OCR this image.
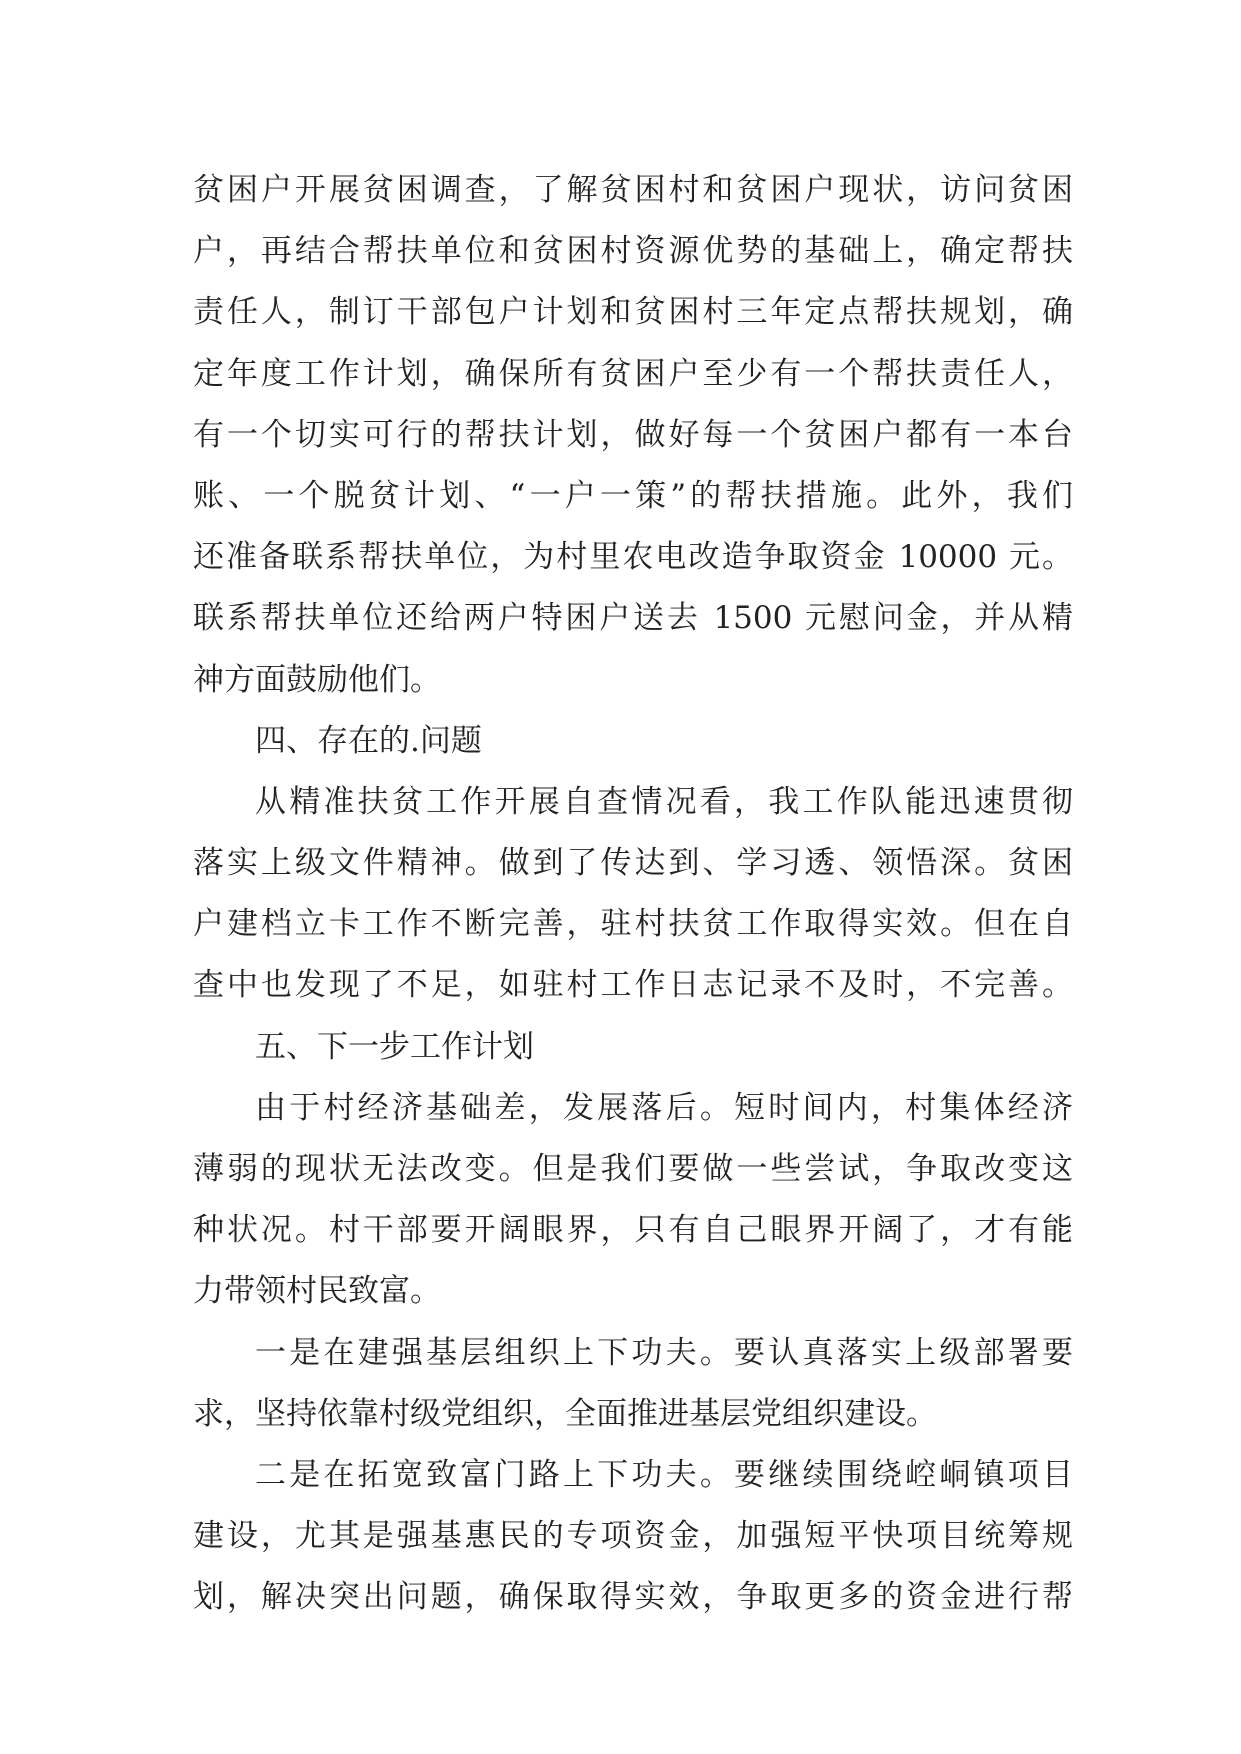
贫困户开展贫困调查，了解贫困村和贫困户现状，访问贫困
户，再结合帮扶单位和贫困村资源优势的基础上，确定帮扶
责任人，制订干部包户计划和贫困村三年定点帮扶规划，确
定年度工作计划，确保所有贫困户至少有一个帮扶责任人，
有一个切实可行的帮扶计划，做好每一个贫困户都有一本台
账、一个脱贫计划、“一户一策”的帮扶措施。此外，我们
还准备联系帮扶单位，为村里农电改造争取资金 10000 元。
联系帮扶单位还给两户特困户送去 1500 元慰问金，并从精
神方面鼓励他们。
四、存在的.问题
从精准扶贫工作开展自查情况看，我工作队能迅速贯彻
落实上级文件精神。做到了传达到、学习透、领悟深。贫困
户建档立卡工作不断完善，驻村扶贫工作取得实效。但在自
查中也发现了不足，如驻村工作日志记录不及时，不完善。
五、下一步工作计划
由于村经济基础差，发展落后。短时间内，村集体经济
薄弱的现状无法改变。但是我们要做一些尝试，争取改变这
种状况。村干部要开阔眼界，只有自己眼界开阔了，才有能
力带领村民致富。
一是在建强基层组织上下功夫。要认真落实上级部署要
求，坚持依靠村级党组织，全面推进基层党组织建设。
二是在拓宽致富门路上下功夫。要继续围绕崆峒镇项目
建设，尤其是强基惠民的专项资金，加强短平快项目统筹规
划，解决突出问题，确保取得实效，争取更多的资金进行帮
